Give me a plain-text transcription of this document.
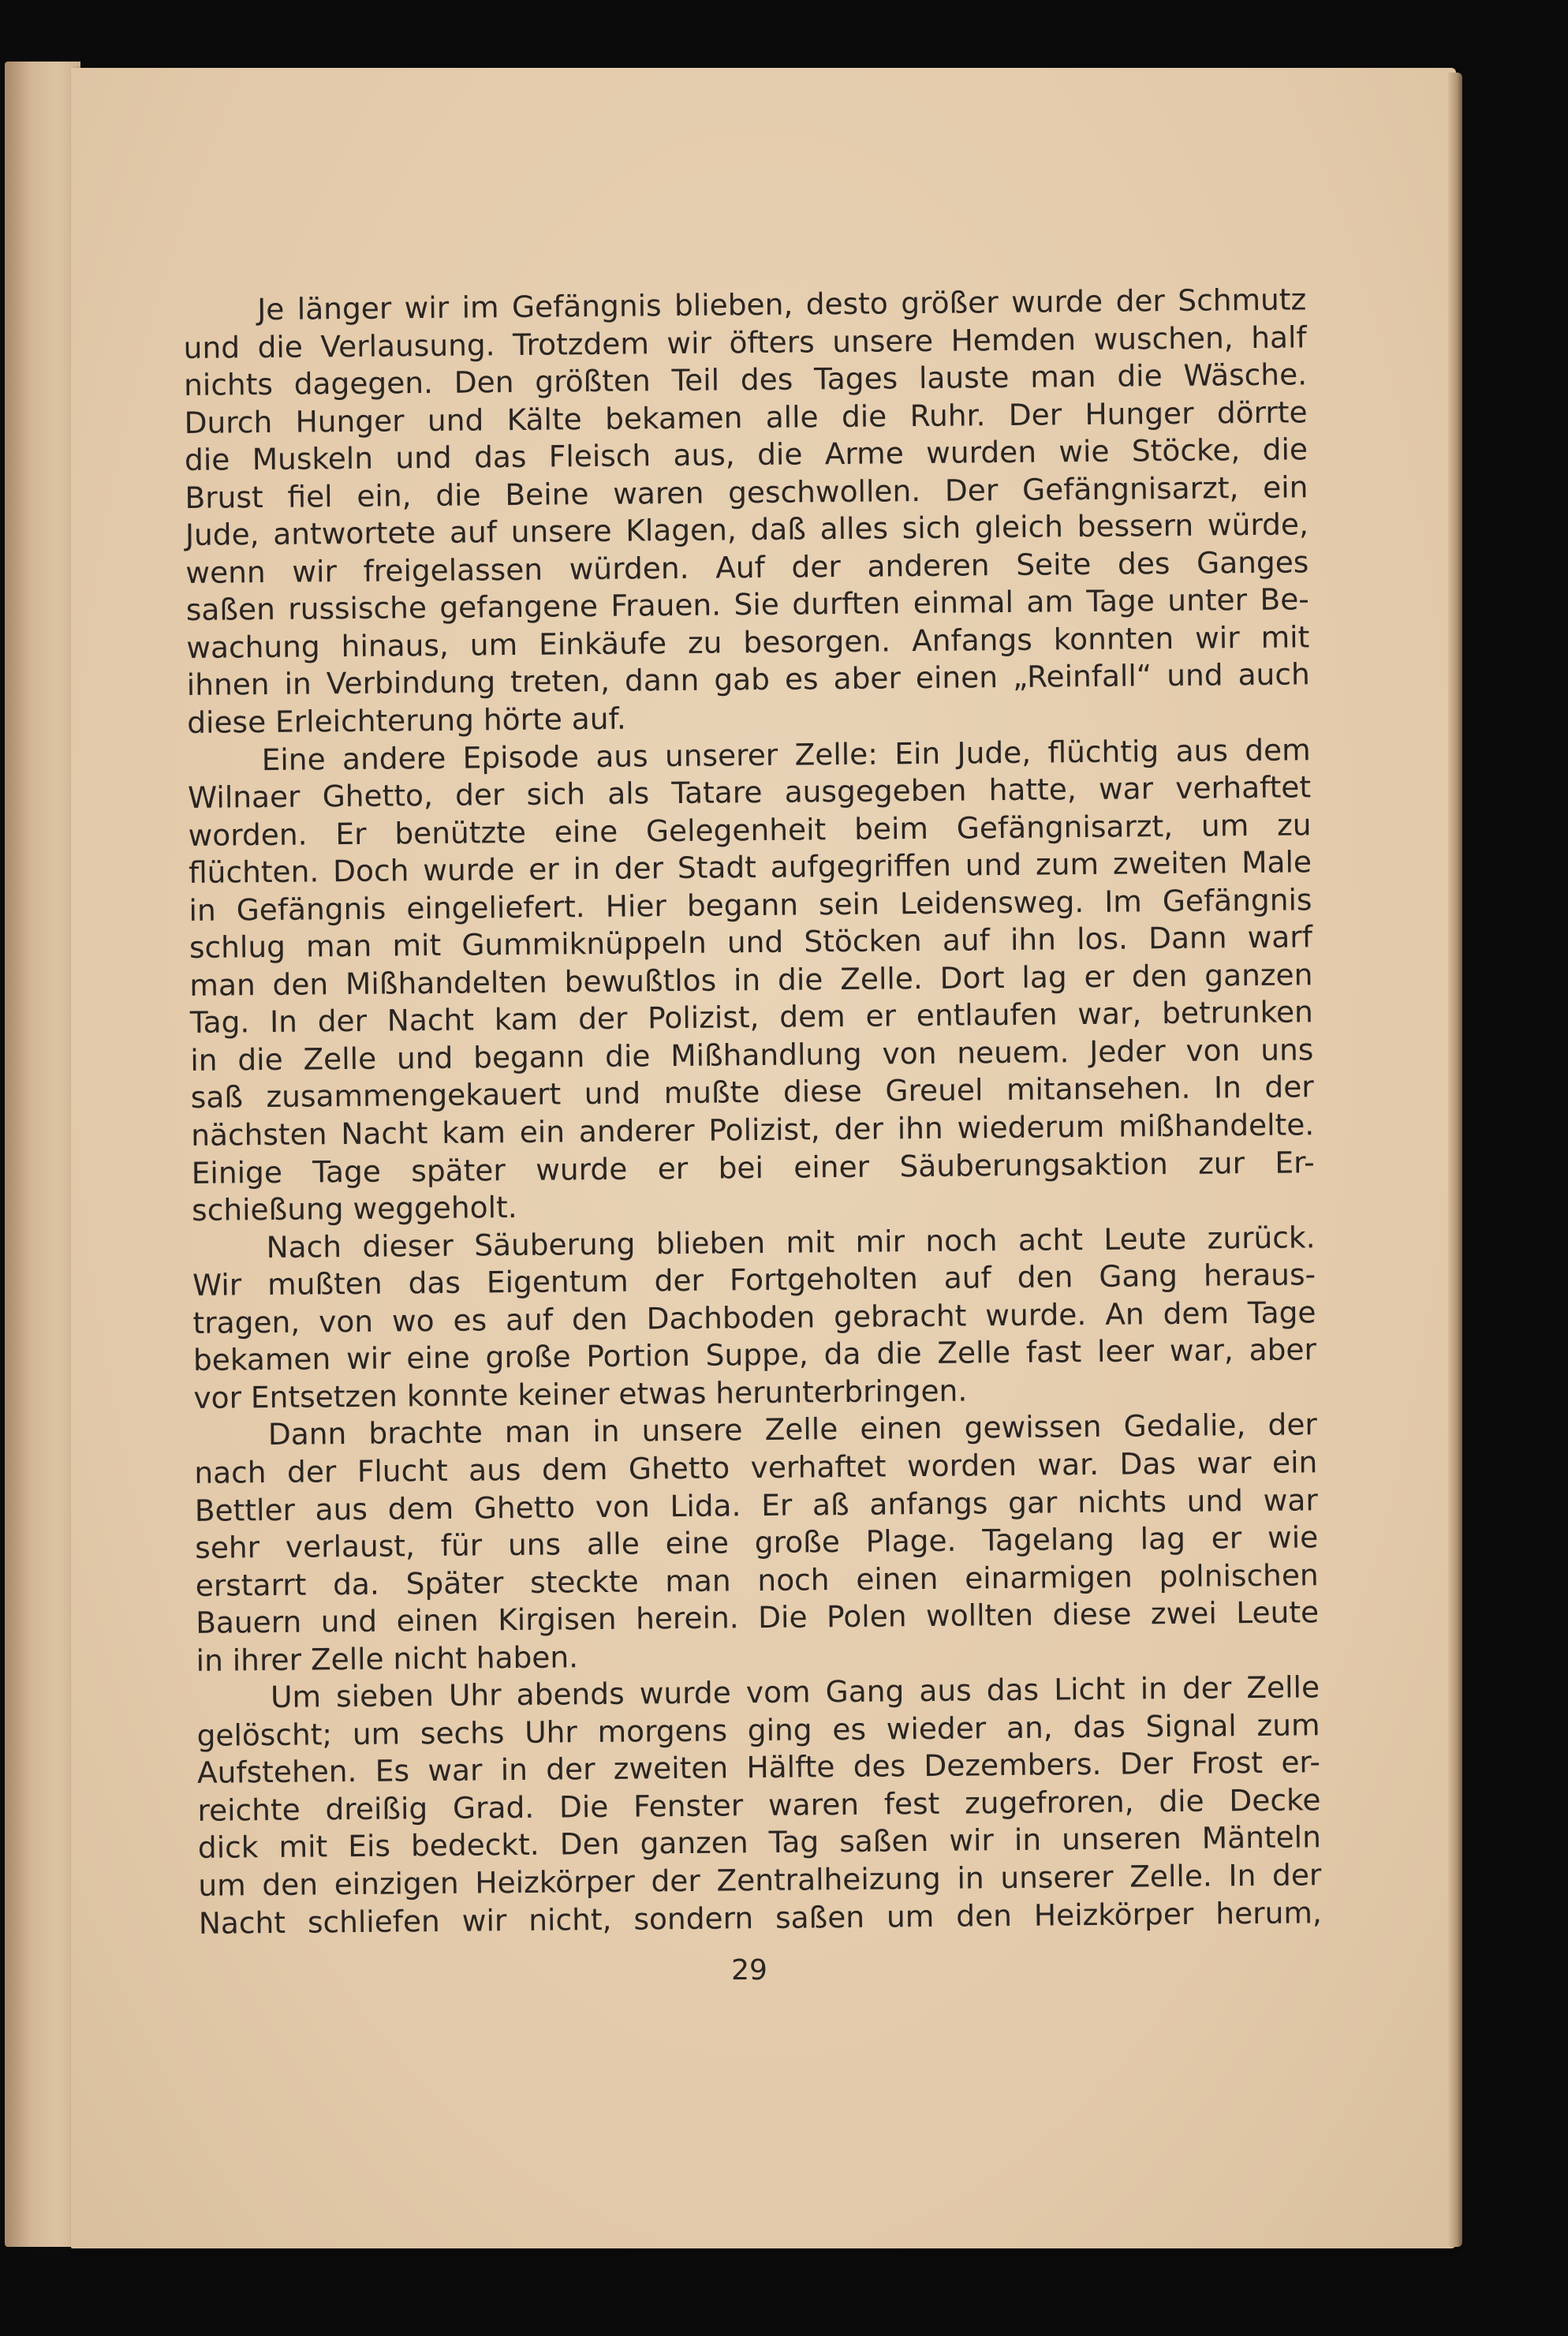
Je länger wir im Gefängnis blieben, desto größer wurde der Schmutz
und die Verlausung. Trotzdem wir öfters unsere Hemden wuschen, half
nichts dagegen. Den größten Teil des Tages lauste man die Wäsche.
Durch Hunger und Kälte bekamen alle die Ruhr. Der Hunger dörrte
die Muskeln und das Fleisch aus, die Arme wurden wie Stöcke, die
Brust fiel ein, die Beine waren geschwollen. Der Gefängnisarzt, ein
Jude, antwortete auf unsere Klagen, daß alles sich gleich bessern würde,
wenn wir freigelassen würden. Auf der anderen Seite des Ganges
saßen russische gefangene Frauen. Sie durften einmal am Tage unter Be-
wachung hinaus, um Einkäufe zu besorgen. Anfangs konnten wir mit
ihnen in Verbindung treten, dann gab es aber einen „Reinfall“ und auch
diese Erleichterung hörte auf.
Eine andere Episode aus unserer Zelle: Ein Jude, flüchtig aus dem
Wilnaer Ghetto, der sich als Tatare ausgegeben hatte, war verhaftet
worden. Er benützte eine Gelegenheit beim Gefängnisarzt, um zu
flüchten. Doch wurde er in der Stadt aufgegriffen und zum zweiten Male
in Gefängnis eingeliefert. Hier begann sein Leidensweg. Im Gefängnis
schlug man mit Gummiknüppeln und Stöcken auf ihn los. Dann warf
man den Mißhandelten bewußtlos in die Zelle. Dort lag er den ganzen
Tag. In der Nacht kam der Polizist, dem er entlaufen war, betrunken
in die Zelle und begann die Mißhandlung von neuem. Jeder von uns
saß zusammengekauert und mußte diese Greuel mitansehen. In der
nächsten Nacht kam ein anderer Polizist, der ihn wiederum mißhandelte.
Einige Tage später wurde er bei einer Säuberungsaktion zur Er-
schießung weggeholt.
Nach dieser Säuberung blieben mit mir noch acht Leute zurück.
Wir mußten das Eigentum der Fortgeholten auf den Gang heraus-
tragen, von wo es auf den Dachboden gebracht wurde. An dem Tage
bekamen wir eine große Portion Suppe, da die Zelle fast leer war, aber
vor Entsetzen konnte keiner etwas herunterbringen.
Dann brachte man in unsere Zelle einen gewissen Gedalie, der
nach der Flucht aus dem Ghetto verhaftet worden war. Das war ein
Bettler aus dem Ghetto von Lida. Er aß anfangs gar nichts und war
sehr verlaust, für uns alle eine große Plage. Tagelang lag er wie
erstarrt da. Später steckte man noch einen einarmigen polnischen
Bauern und einen Kirgisen herein. Die Polen wollten diese zwei Leute
in ihrer Zelle nicht haben.
Um sieben Uhr abends wurde vom Gang aus das Licht in der Zelle
gelöscht; um sechs Uhr morgens ging es wieder an, das Signal zum
Aufstehen. Es war in der zweiten Hälfte des Dezembers. Der Frost er-
reichte dreißig Grad. Die Fenster waren fest zugefroren, die Decke
dick mit Eis bedeckt. Den ganzen Tag saßen wir in unseren Mänteln
um den einzigen Heizkörper der Zentralheizung in unserer Zelle. In der
Nacht schliefen wir nicht, sondern saßen um den Heizkörper herum,
29
